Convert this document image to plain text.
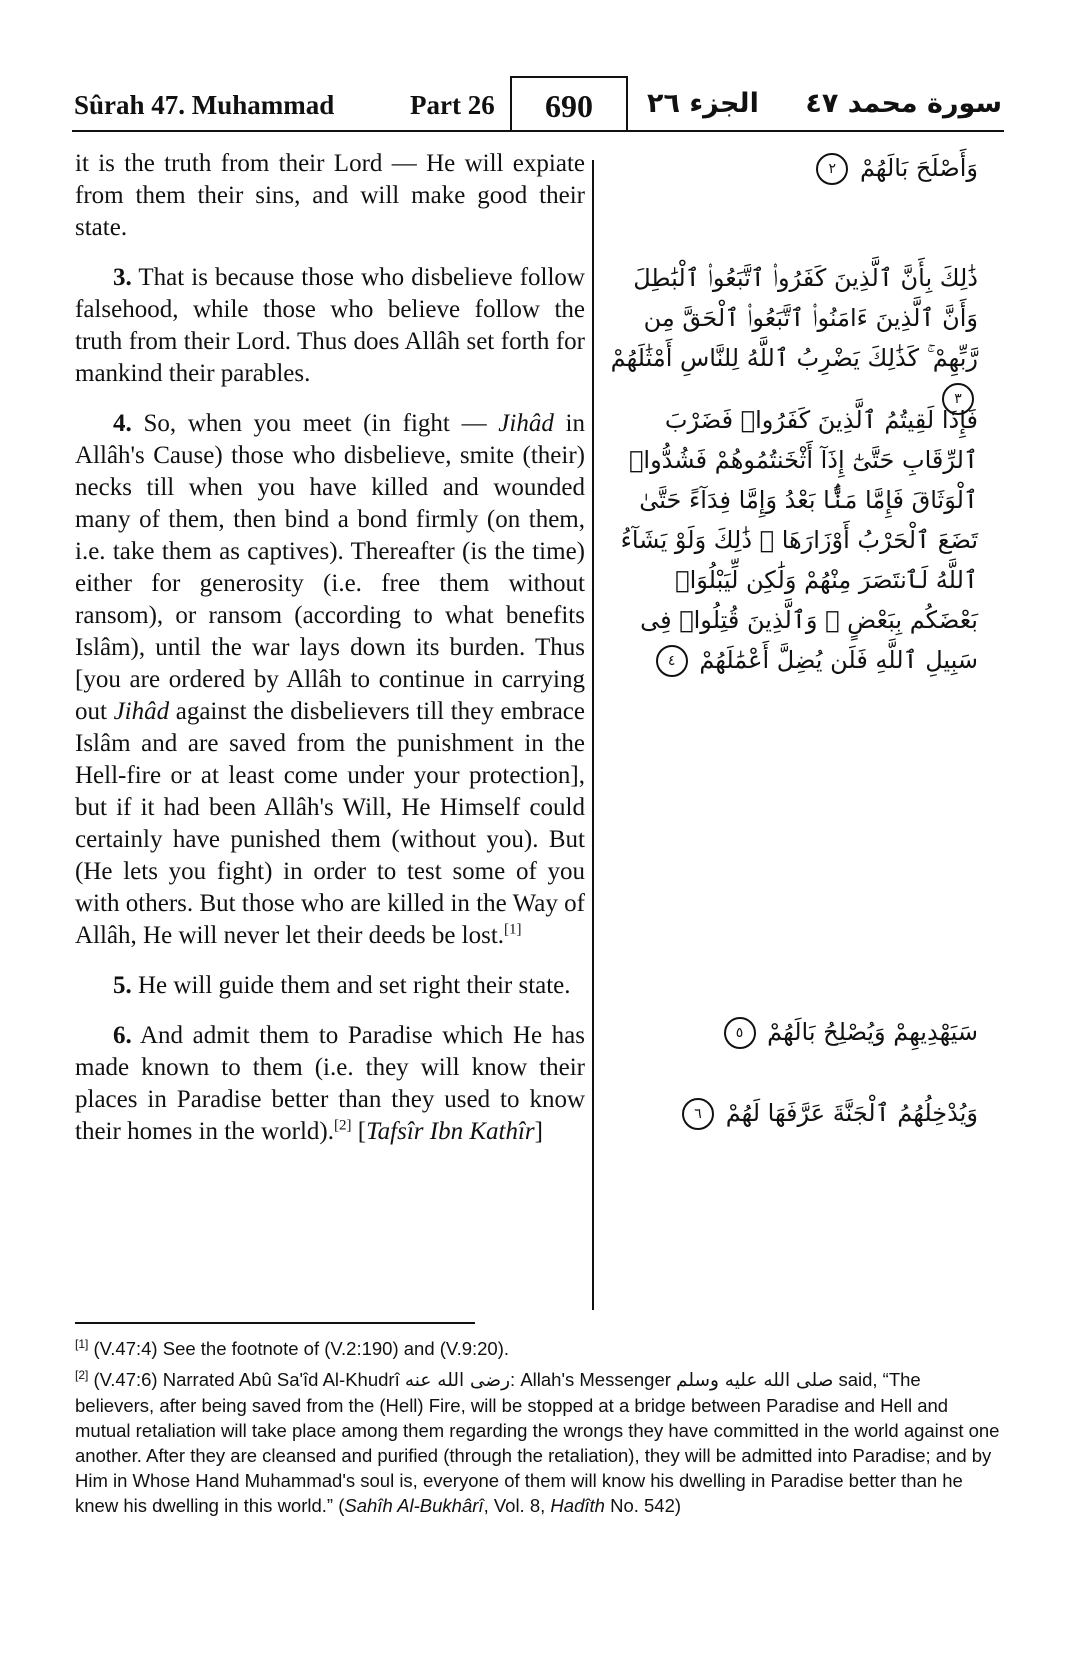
Sûrah 47. Muhammad	Part 26	690	الجزء ٢٦ سورة محمد ٤٧

it is the truth from their Lord — He will expiate from them their sins, and will make good their state.

3. That is because those who disbelieve follow falsehood, while those who believe follow the truth from their Lord. Thus does Allâh set forth for mankind their parables.

4. So, when you meet (in fight — Jihâd in Allâh's Cause) those who disbelieve, smite (their) necks till when you have killed and wounded many of them, then bind a bond firmly (on them, i.e. take them as captives). Thereafter (is the time) either for generosity (i.e. free them without ransom), or ransom (according to what benefits Islâm), until the war lays down its burden. Thus [you are ordered by Allâh to continue in carrying out Jihâd against the disbelievers till they embrace Islâm and are saved from the punishment in the Hell-fire or at least come under your protection], but if it had been Allâh's Will, He Himself could certainly have punished them (without you). But (He lets you fight) in order to test some of you with others. But those who are killed in the Way of Allâh, He will never let their deeds be lost.[1]

5. He will guide them and set right their state.

6. And admit them to Paradise which He has made known to them (i.e. they will know their places in Paradise better than they used to know their homes in the world).[2] [Tafsîr Ibn Kathîr]

وَأَصْلَحَ بَالَهُمْ ٢
ذَٰلِكَ بِأَنَّ ٱلَّذِينَ كَفَرُوا۟ ٱتَّبَعُوا۟ ٱلْبَٰطِلَ وَأَنَّ ٱلَّذِينَ ءَامَنُوا۟ ٱتَّبَعُوا۟ ٱلْحَقَّ مِن رَّبِّهِمْ ۚ كَذَٰلِكَ يَضْرِبُ ٱللَّهُ لِلنَّاسِ أَمْثَٰلَهُمْ ٣
فَإِذَا لَقِيتُمُ ٱلَّذِينَ كَفَرُوا۟ فَضَرْبَ ٱلرِّقَابِ حَتَّىٰٓ إِذَآ أَثْخَنتُمُوهُمْ فَشُدُّوا۟ ٱلْوَثَاقَ فَإِمَّا مَنًّۢا بَعْدُ وَإِمَّا فِدَآءً حَتَّىٰ تَضَعَ ٱلْحَرْبُ أَوْزَارَهَا ۚ ذَٰلِكَ وَلَوْ يَشَآءُ ٱللَّهُ لَٱنتَصَرَ مِنْهُمْ وَلَٰكِن لِّيَبْلُوَا۟ بَعْضَكُم بِبَعْضٍ ۗ وَٱلَّذِينَ قُتِلُوا۟ فِى سَبِيلِ ٱللَّهِ فَلَن يُضِلَّ أَعْمَٰلَهُمْ ٤
سَيَهْدِيهِمْ وَيُصْلِحُ بَالَهُمْ ٥
وَيُدْخِلُهُمُ ٱلْجَنَّةَ عَرَّفَهَا لَهُمْ ٦

[1] (V.47:4) See the footnote of (V.2:190) and (V.9:20).

[2] (V.47:6) Narrated Abû Sa'îd Al-Khudrî رضى الله عنه: Allah's Messenger صلى الله عليه وسلم said, “The believers, after being saved from the (Hell) Fire, will be stopped at a bridge between Paradise and Hell and mutual retaliation will take place among them regarding the wrongs they have committed in the world against one another. After they are cleansed and purified (through the retaliation), they will be admitted into Paradise; and by Him in Whose Hand Muhammad's soul is, everyone of them will know his dwelling in Paradise better than he knew his dwelling in this world.” (Sahîh Al-Bukhârî, Vol. 8, Hadîth No. 542)
